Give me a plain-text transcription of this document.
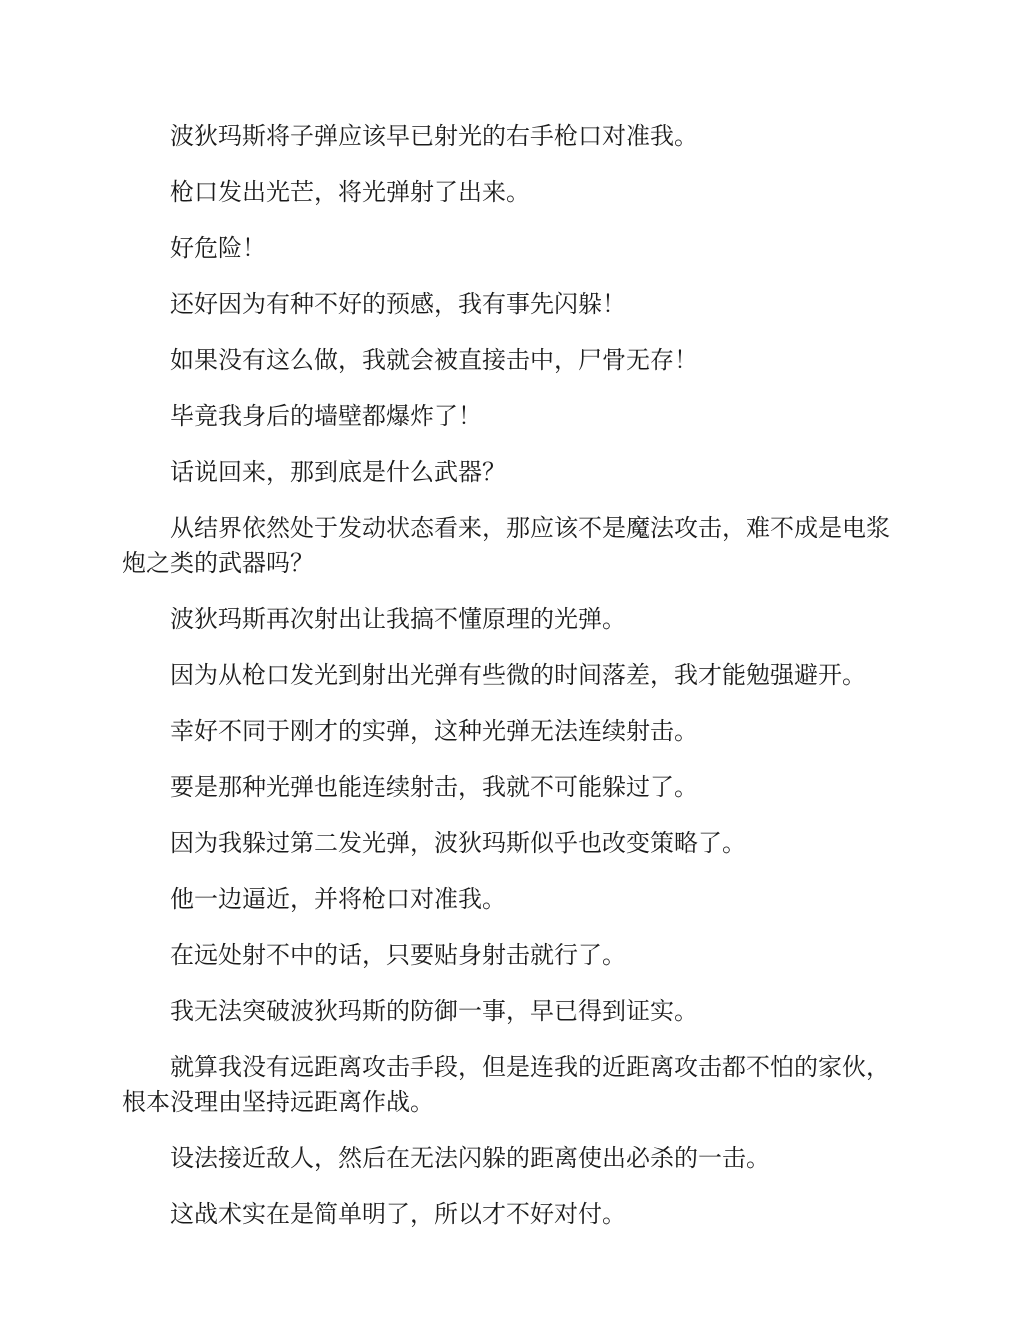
波狄玛斯将子弹应该早已射光的右手枪口对准我。

枪口发出光芒，将光弹射了出来。

好危险！

还好因为有种不好的预感，我有事先闪躲！

如果没有这么做，我就会被直接击中，尸骨无存！

毕竟我身后的墙壁都爆炸了！

话说回来，那到底是什么武器？

从结界依然处于发动状态看来，那应该不是魔法攻击，难不成是电浆炮之类的武器吗？

波狄玛斯再次射出让我搞不懂原理的光弹。

因为从枪口发光到射出光弹有些微的时间落差，我才能勉强避开。

幸好不同于刚才的实弹，这种光弹无法连续射击。

要是那种光弹也能连续射击，我就不可能躲过了。

因为我躲过第二发光弹，波狄玛斯似乎也改变策略了。

他一边逼近，并将枪口对准我。

在远处射不中的话，只要贴身射击就行了。

我无法突破波狄玛斯的防御一事，早已得到证实。

就算我没有远距离攻击手段，但是连我的近距离攻击都不怕的家伙，根本没理由坚持远距离作战。

设法接近敌人，然后在无法闪躲的距离使出必杀的一击。

这战术实在是简单明了，所以才不好对付。
